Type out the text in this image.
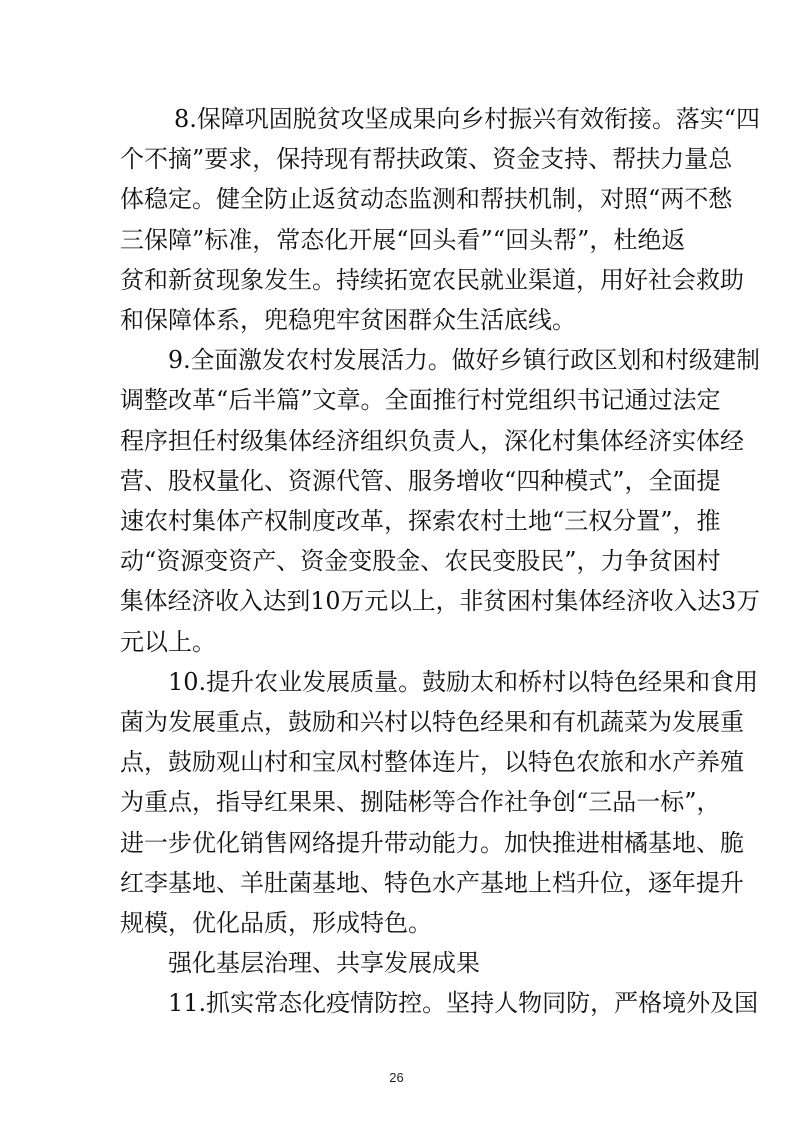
8.保障巩固脱贫攻坚成果向乡村振兴有效衔接。落实“四
个不摘”要求，保持现有帮扶政策、资金支持、帮扶力量总
体稳定。健全防止返贫动态监测和帮扶机制，对照“两不愁
三保障”标准，常态化开展“回头看”“回头帮”，杜绝返
贫和新贫现象发生。持续拓宽农民就业渠道，用好社会救助
和保障体系，兜稳兜牢贫困群众生活底线。
9.全面激发农村发展活力。做好乡镇行政区划和村级建制
调整改革“后半篇”文章。全面推行村党组织书记通过法定
程序担任村级集体经济组织负责人，深化村集体经济实体经
营、股权量化、资源代管、服务增收“四种模式”，全面提
速农村集体产权制度改革，探索农村土地“三权分置”，推
动“资源变资产、资金变股金、农民变股民”，力争贫困村
集体经济收入达到10万元以上，非贫困村集体经济收入达3万
元以上。
10.提升农业发展质量。鼓励太和桥村以特色经果和食用
菌为发展重点，鼓励和兴村以特色经果和有机蔬菜为发展重
点，鼓励观山村和宝凤村整体连片，以特色农旅和水产养殖
为重点，指导红果果、捌陆彬等合作社争创“三品一标”，
进一步优化销售网络提升带动能力。加快推进柑橘基地、脆
红李基地、羊肚菌基地、特色水产基地上档升位，逐年提升
规模，优化品质，形成特色。
强化基层治理、共享发展成果
11.抓实常态化疫情防控。坚持人物同防，严格境外及国
26
